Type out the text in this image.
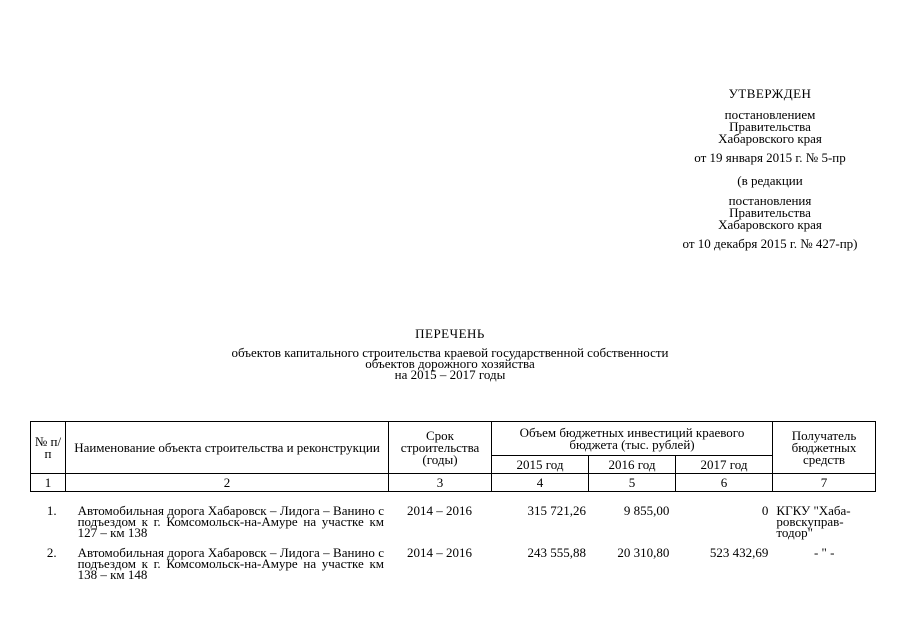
УТВЕРЖДЕН
постановлением
Правительства
Хабаровского края
от 19 января 2015 г. № 5-пр
(в редакции
постановления
Правительства
Хабаровского края
от 10 декабря 2015 г. № 427-пр)
ПЕРЕЧЕНЬ
объектов капитального строительства краевой государственной собственности
объектов дорожного хозяйства
на 2015 – 2017 годы
№ п/п	Наименование объекта строительства и реконструкции	Срок строительства (годы)	Объем бюджетных инвестиций краевого бюджета (тыс. рублей)			Получатель бюджетных средств
			2015 год	2016 год	2017 год	
1	2	3	4	5	6	7
1.	Автомобильная дорога Хабаровск – Лидога – Ванино с подъездом к г. Комсомольск-на-Амуре на участке км 127 – км 138	2014 – 2016	315 721,26	9 855,00	0	КГКУ "Хаба-ровскуправ-тодор"
2.	Автомобильная дорога Хабаровск – Лидога – Ванино с подъездом к г. Комсомольск-на-Амуре на участке км 138 – км 148	2014 – 2016	243 555,88	20 310,80	523 432,69	- " -
